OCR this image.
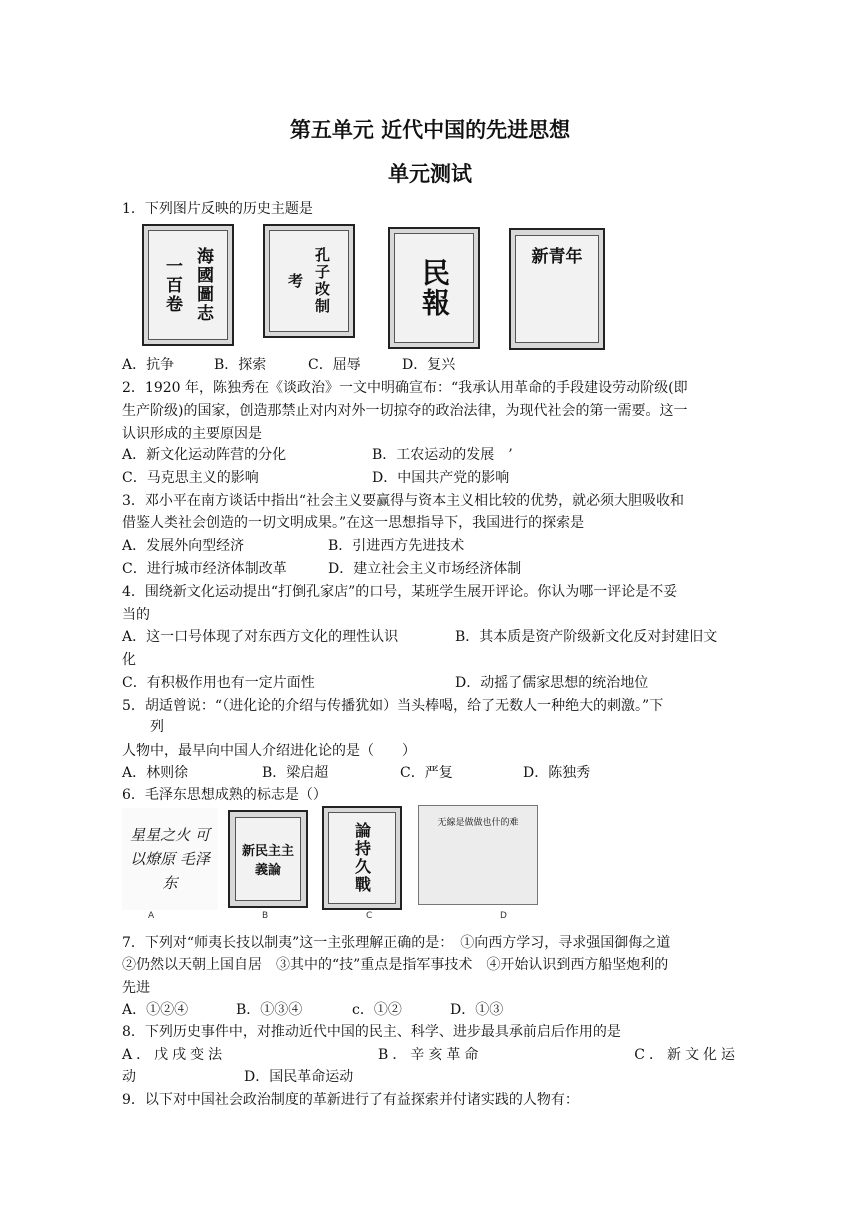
第五单元 近代中国的先进思想
单元测试
1．下列图片反映的历史主题是
一百卷 海國圖志	考 孔子改制	民報
新青年
A．抗争	B．探索	C．屈辱	D．复兴
2．1920 年，陈独秀在《谈政治》一文中明确宣布：“我承认用革命的手段建设劳动阶级(即
生产阶级)的国家，创造那禁止对内对外一切掠夺的政治法律，为现代社会的第一需要。这一
认识形成的主要原因是
A．新文化运动阵营的分化	B．工农运动的发展　’
C．马克思主义的影响	D．中国共产党的影响
3．邓小平在南方谈话中指出“社会主义要赢得与资本主义相比较的优势，就必须大胆吸收和
借鉴人类社会创造的一切文明成果。”在这一思想指导下，我国进行的探索是
A．发展外向型经济	B．引进西方先进技术
C．进行城市经济体制改革	D．建立社会主义市场经济体制
4．围绕新文化运动提出“打倒孔家店”的口号，某班学生展开评论。你认为哪一评论是不妥
当的
A．这一口号体现了对东西方文化的理性认识	B．其本质是资产阶级新文化反对封建旧文
化
C．有积极作用也有一定片面性	D．动摇了儒家思想的统治地位
5．胡适曾说：“（进化论的介绍与传播犹如）当头棒喝，给了无数人一种绝大的刺激。”下
列
人物中，最早向中国人介绍进化论的是（　　）
A．林则徐	B．梁启超	C．严复	D．陈独秀
6．毛泽东思想成熟的标志是（）
星星之火 可以燎原 毛泽东
A
新民主主義論
B
論持久戰
C
无線是做做也什的难
D
7．下列对“师夷长技以制夷”这一主张理解正确的是：　①向西方学习，寻求强国御侮之道
②仍然以天朝上国自居　③其中的“技”重点是指军事技术　④开始认识到西方船坚炮利的
先进
A．①②④	B．①③④	c．①②	D．①③
8．下列历史事件中，对推动近代中国的民主、科学、进步最具承前启后作用的是
A．戊戌变法	B．辛亥革命	C．新文化运
动	D．国民革命运动
9．以下对中国社会政治制度的革新进行了有益探索并付诸实践的人物有：
